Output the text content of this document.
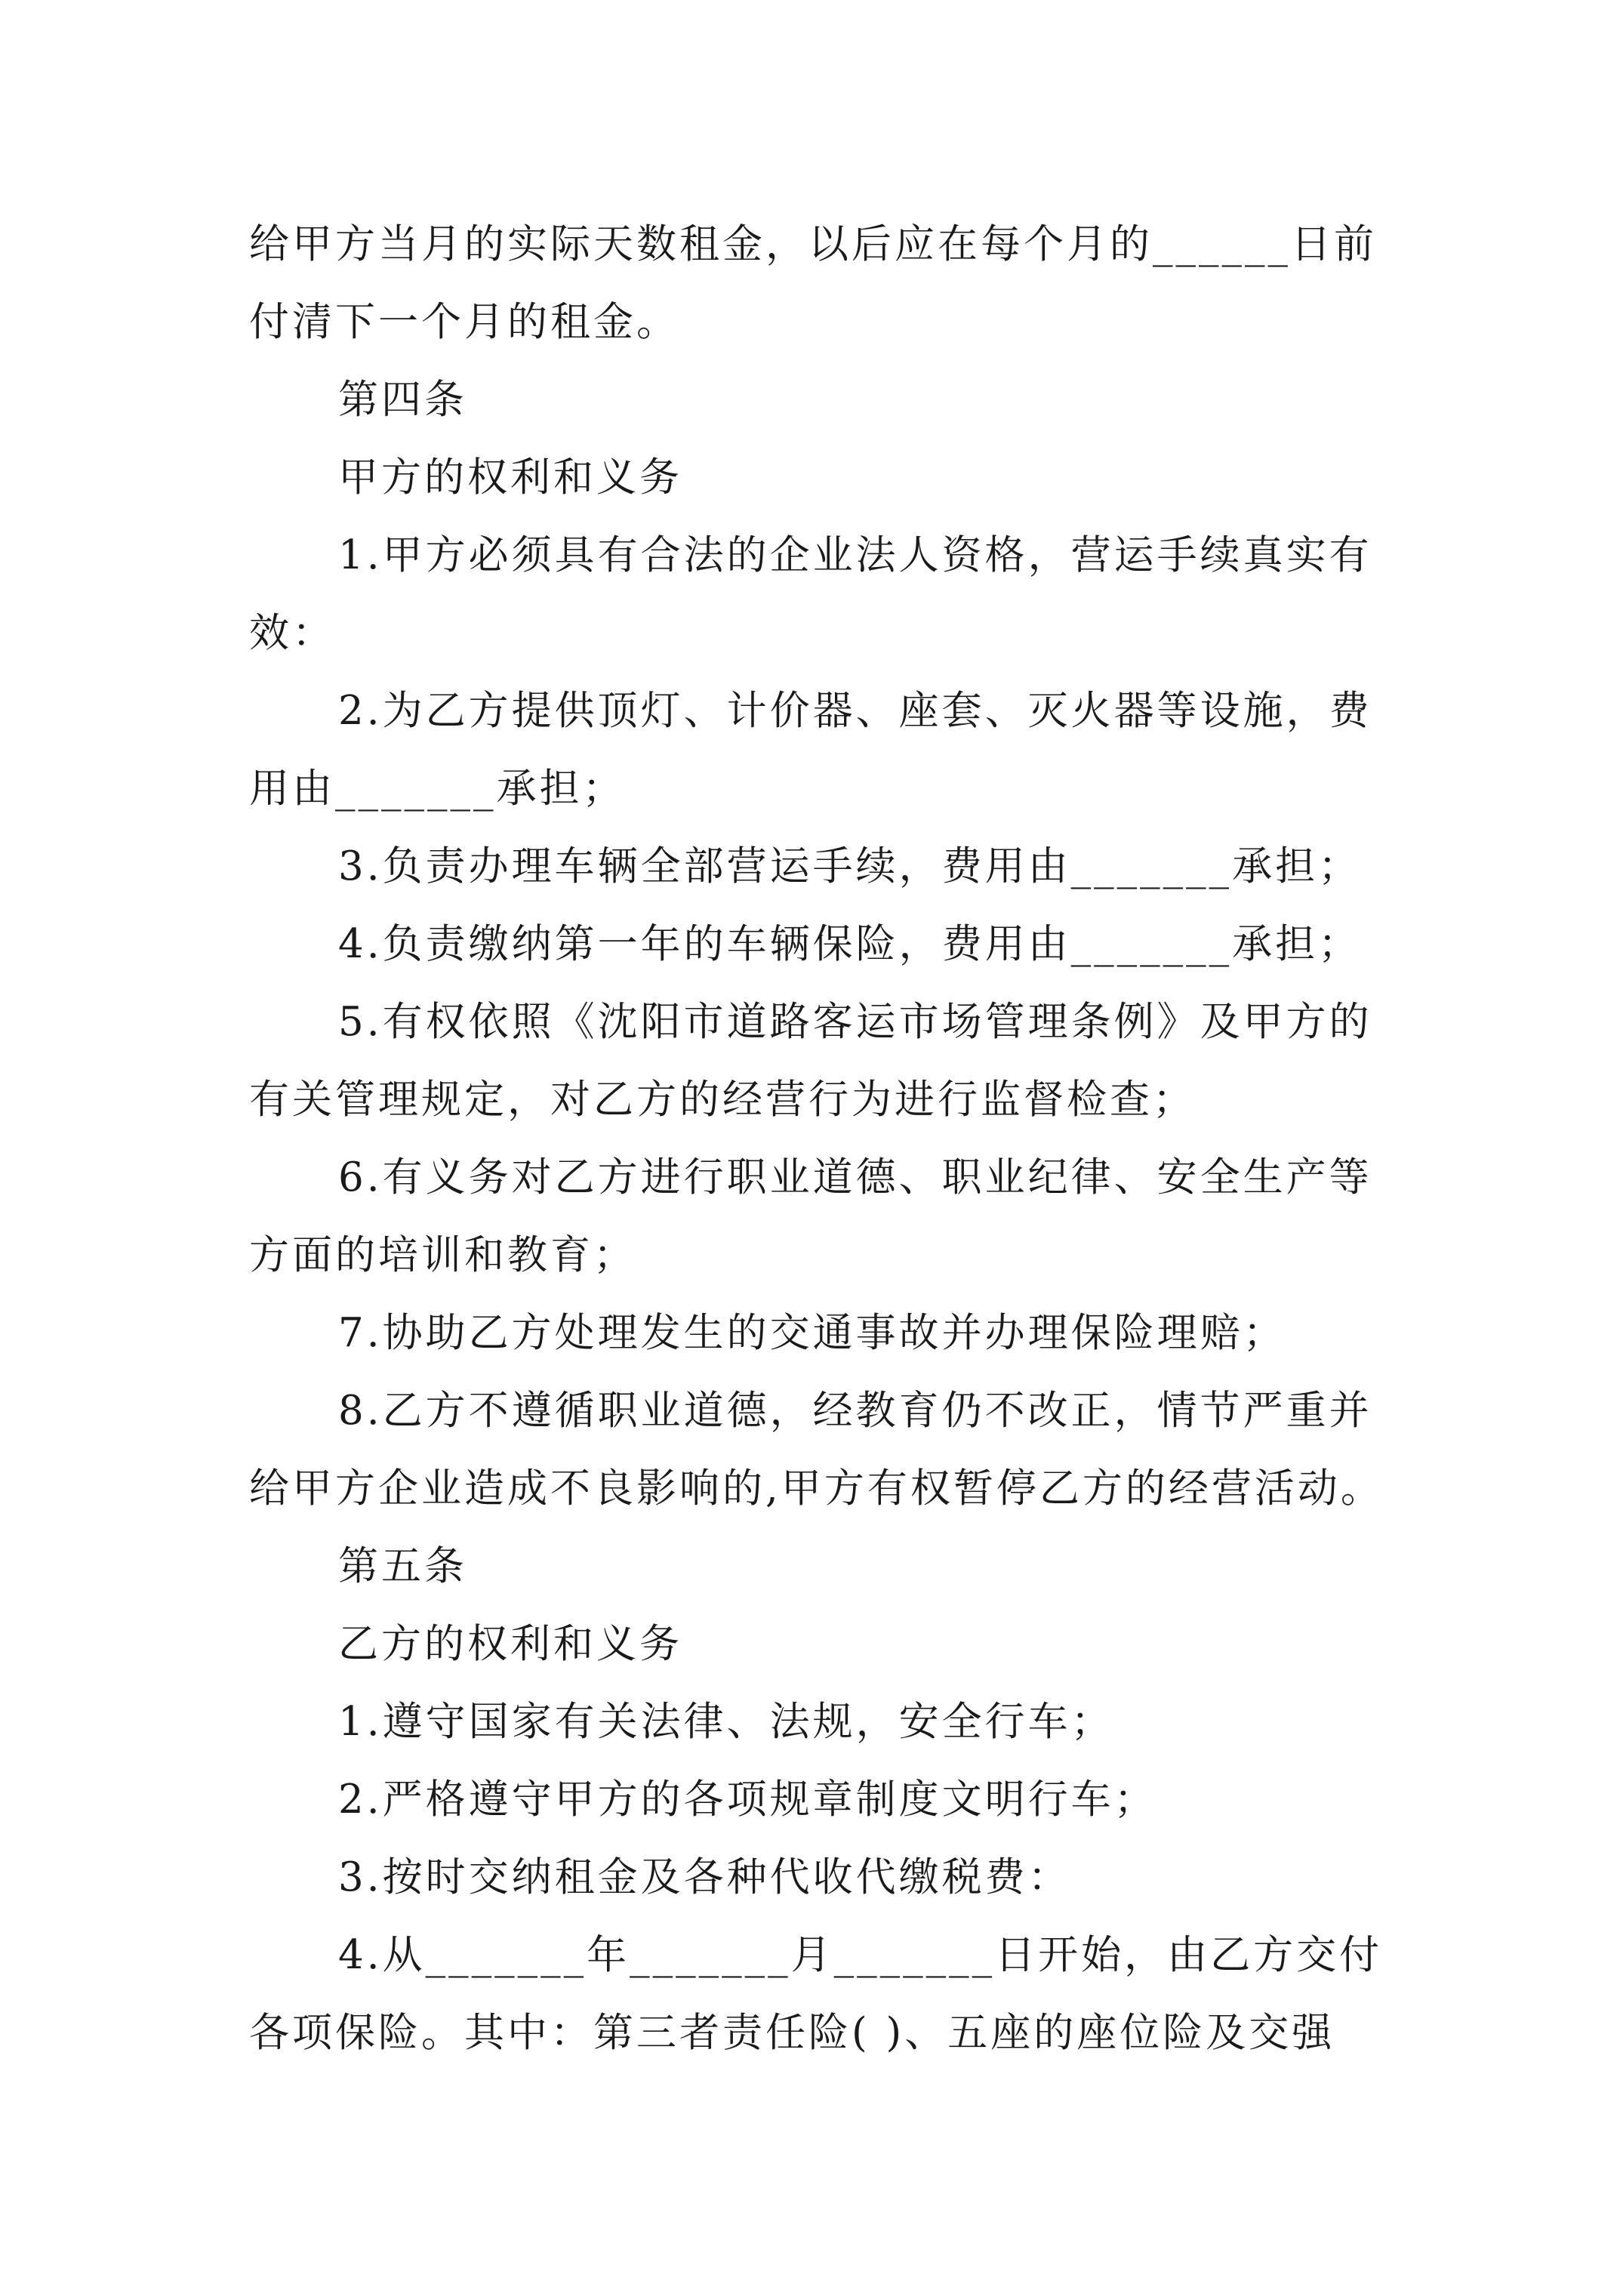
给甲方当月的实际天数租金，以后应在每个月的______日前
付清下一个月的租金。
第四条
甲方的权利和义务
1.甲方必须具有合法的企业法人资格，营运手续真实有
效：
2.为乙方提供顶灯、计价器、座套、灭火器等设施，费
用由_______承担；
3.负责办理车辆全部营运手续，费用由_______承担；
4.负责缴纳第一年的车辆保险，费用由_______承担；
5.有权依照《沈阳市道路客运市场管理条例》及甲方的
有关管理规定，对乙方的经营行为进行监督检查；
6.有义务对乙方进行职业道德、职业纪律、安全生产等
方面的培训和教育；
7.协助乙方处理发生的交通事故并办理保险理赔；
8.乙方不遵循职业道德，经教育仍不改正，情节严重并
给甲方企业造成不良影响的,甲方有权暂停乙方的经营活动。
第五条
乙方的权利和义务
1.遵守国家有关法律、法规，安全行车；
2.严格遵守甲方的各项规章制度文明行车；
3.按时交纳租金及各种代收代缴税费：
4.从_______年_______月_______日开始，由乙方交付
各项保险。其中：第三者责任险( )、五座的座位险及交强
